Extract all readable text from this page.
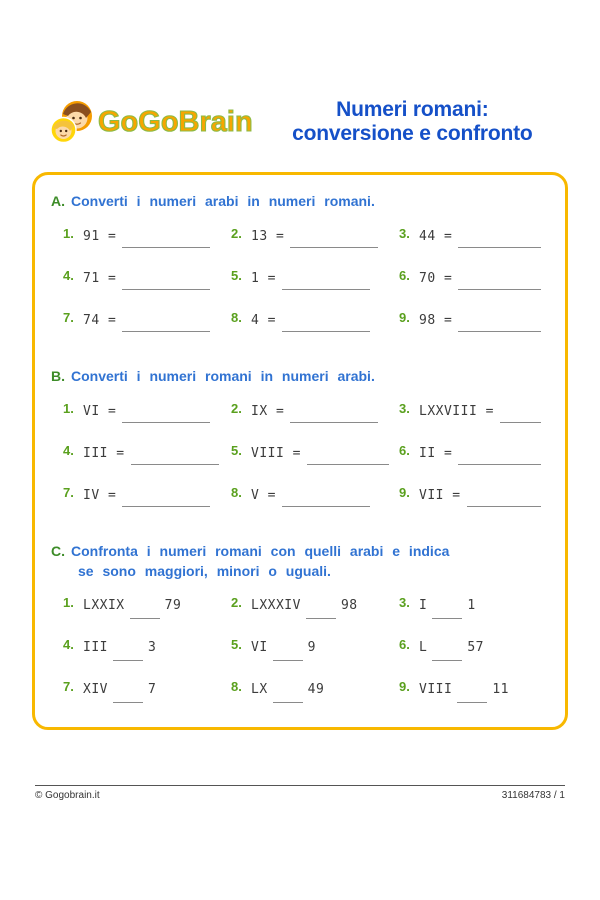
GoGoBrain	Numeri romani:
conversione e confronto
A. Converti i numeri arabi in numeri romani.
1. 91 =	2. 13 =	3. 44 =
4. 71 =	5. 1 =	6. 70 =
7. 74 =	8. 4 =	9. 98 =
B. Converti i numeri romani in numeri arabi.
1. VI =	2. IX =	3. LXXVIII =
4. III =	5. VIII =	6. II =
7. IV =	8. V =	9. VII =
C. Confronta i numeri romani con quelli arabi e indica
se sono maggiori, minori o uguali.
1. LXXIX	79	2. LXXXIV	98	3. I	1
4. III	3	5. VI	9	6. L	57
7. XIV	7	8. LX	49	9. VIII	11
© Gogobrain.it	311684783 / 1
